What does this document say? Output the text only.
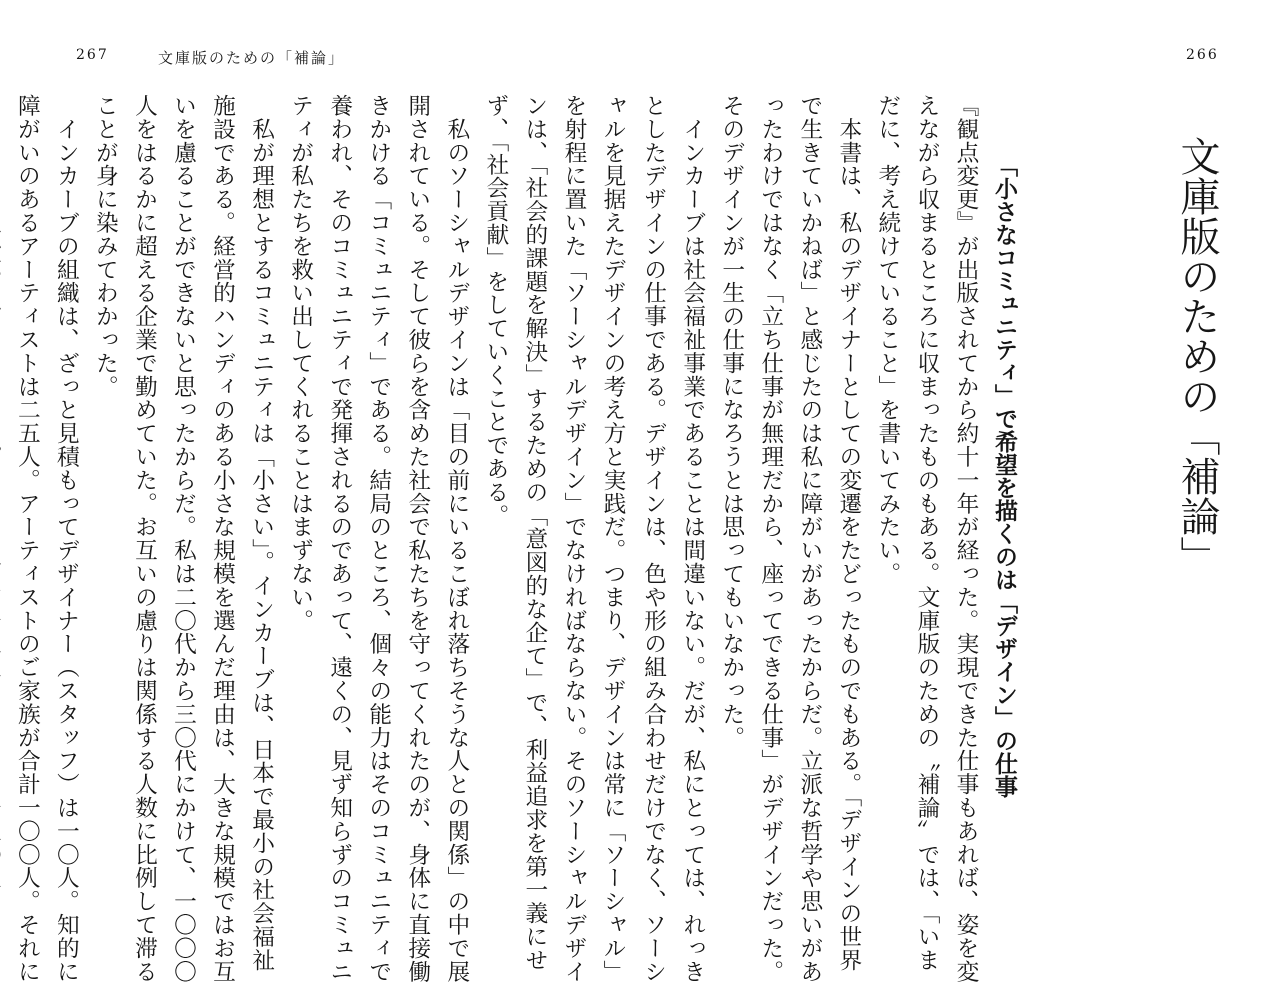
267	文庫版のための「補論」	266
文庫版のための「補論」
「小さなコミュニティ」で希望を描くのは「デザイン」の仕事
『観点変更』が出版されてから約十一年が経った。実現できた仕事もあれば、姿を変
えながら収まるところに収まったものもある。文庫版のための〝補論〟では、「いま
だに、考え続けていること」を書いてみたい。
　本書は、私のデザイナーとしての変遷をたどったものでもある。「デザインの世界
で生きていかねば」と感じたのは私に障がいがあったからだ。立派な哲学や思いがあ
ったわけではなく「立ち仕事が無理だから、座ってできる仕事」がデザインだった。
そのデザインが一生の仕事になろうとは思ってもいなかった。
　インカーブは社会福祉事業であることは間違いない。だが、私にとっては、れっき
としたデザインの仕事である。デザインは、色や形の組み合わせだけでなく、ソーシ
ャルを見据えたデザインの考え方と実践だ。つまり、デザインは常に「ソーシャル」
を射程に置いた「ソーシャルデザイン」でなければならない。そのソーシャルデザイ
ンは、「社会的課題を解決」するための「意図的な企て」で、利益追求を第一義にせ
ず、「社会貢献」をしていくことである。
　私のソーシャルデザインは「目の前にいるこぼれ落ちそうな人との関係」の中で展
開されている。そして彼らを含めた社会で私たちを守ってくれたのが、身体に直接働
きかける「コミュニティ」である。結局のところ、個々の能力はそのコミュニティで
養われ、そのコミュニティで発揮されるのであって、遠くの、見ず知らずのコミュニ
ティが私たちを救い出してくれることはまずない。
　私が理想とするコミュニティは「小さい」。インカーブは、日本で最小の社会福祉
施設である。経営的ハンディのある小さな規模を選んだ理由は、大きな規模ではお互
いを慮ることができないと思ったからだ。私は二〇代から三〇代にかけて、一〇〇〇
人をはるかに超える企業で勤めていた。お互いの慮りは関係する人数に比例して滞る
ことが身に染みてわかった。
　インカーブの組織は、ざっと見積もってデザイナー（スタッフ）は一〇人。知的に
障がいのあるアーティストは二五人。アーティストのご家族が合計一〇〇人。それに
